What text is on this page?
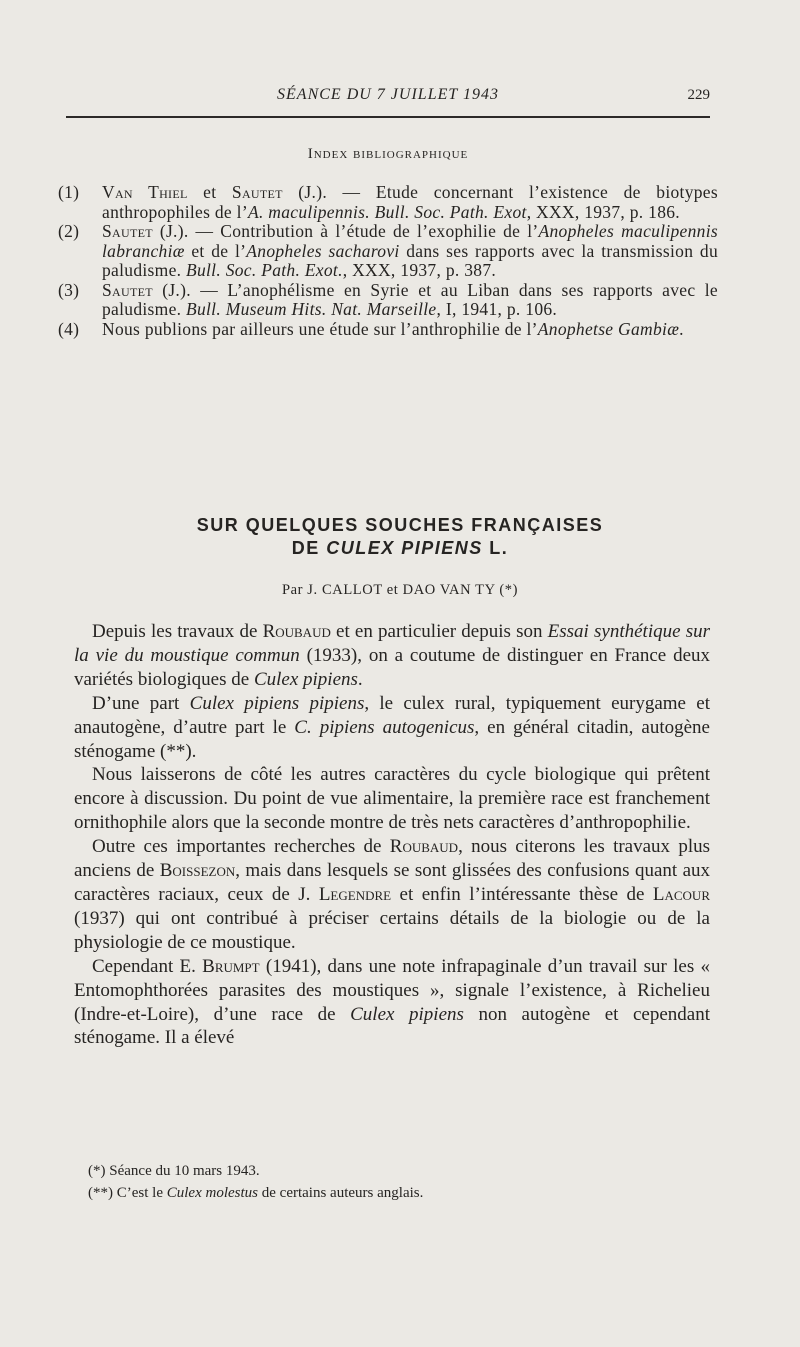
SÉANCE DU 7 JUILLET 1943	229
Index bibliographique
(1) Van Thiel et Sautet (J.). — Etude concernant l’existence de biotypes anthropophiles de l’A. maculipennis. Bull. Soc. Path. Exot, XXX, 1937, p. 186.
(2) Sautet (J.). — Contribution à l’étude de l’exophilie de l’Anopheles maculipennis labranchiæ et de l’Anopheles sacharovi dans ses rapports avec la transmission du paludisme. Bull. Soc. Path. Exot., XXX, 1937, p. 387.
(3) Sautet (J.). — L’anophélisme en Syrie et au Liban dans ses rapports avec le paludisme. Bull. Museum Hits. Nat. Marseille, I, 1941, p. 106.
(4) Nous publions par ailleurs une étude sur l’anthrophilie de l’Anophetse Gambiæ.
SUR QUELQUES SOUCHES FRANÇAISES
DE CULEX PIPIENS L.
Par J. CALLOT et DAO VAN TY (*)

Depuis les travaux de Roubaud et en particulier depuis son Essai synthétique sur la vie du moustique commun (1933), on a coutume de distinguer en France deux variétés biologiques de Culex pipiens.

D’une part Culex pipiens pipiens, le culex rural, typiquement eurygame et anautogène, d’autre part le C. pipiens autogenicus, en général citadin, autogène sténogame (**).

Nous laisserons de côté les autres caractères du cycle biologique qui prêtent encore à discussion. Du point de vue alimentaire, la première race est franchement ornithophile alors que la seconde montre de très nets caractères d’anthropophilie.

Outre ces importantes recherches de Roubaud, nous citerons les travaux plus anciens de Boissezon, mais dans lesquels se sont glissées des confusions quant aux caractères raciaux, ceux de J. Legendre et enfin l’intéressante thèse de Lacour (1937) qui ont contribué à préciser certains détails de la biologie ou de la physiologie de ce moustique.

Cependant E. Brumpt (1941), dans une note infrapaginale d’un travail sur les « Entomophthorées parasites des moustiques », signale l’existence, à Richelieu (Indre-et-Loire), d’une race de Culex pipiens non autogène et cependant sténogame. Il a élevé

(*) Séance du 10 mars 1943.

(**) C’est le Culex molestus de certains auteurs anglais.
